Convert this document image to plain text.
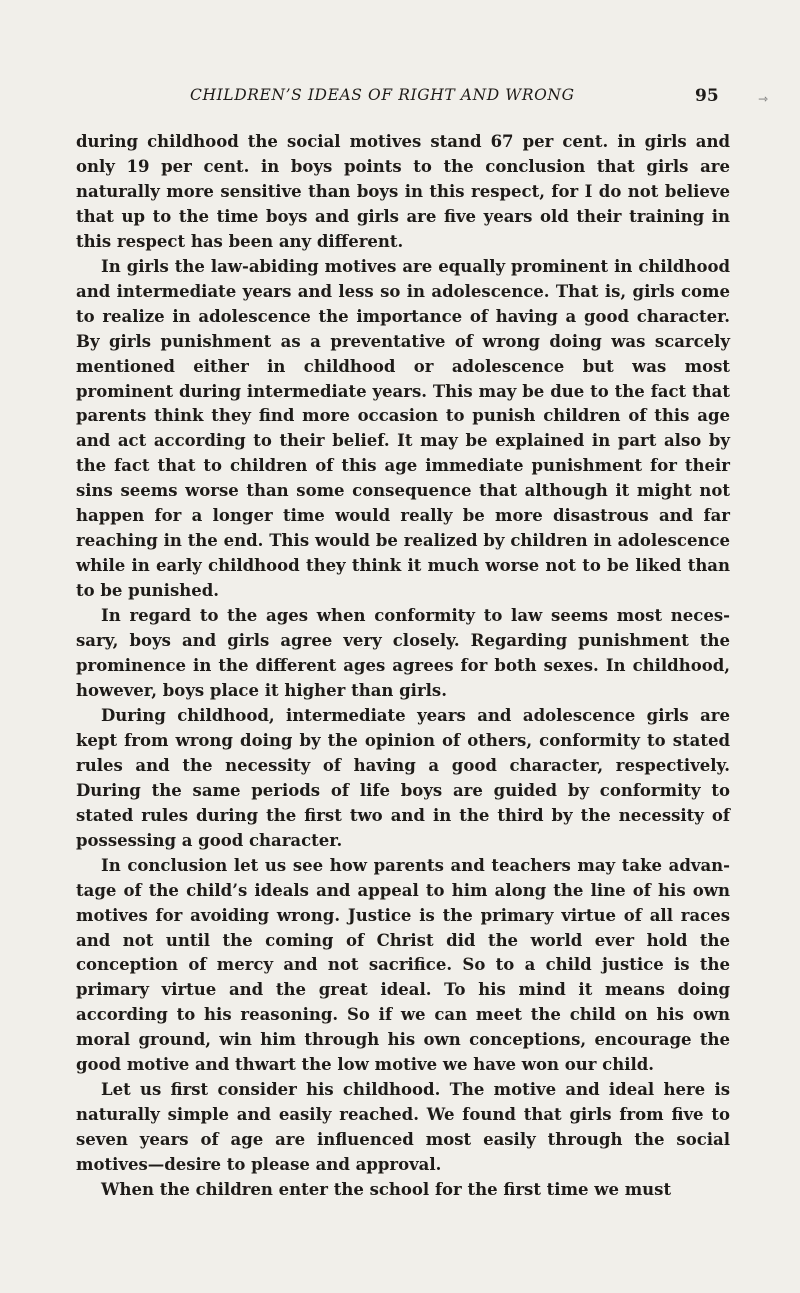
CHILDREN’S IDEAS OF RIGHT AND WRONG	95	⇾

during childhood the social motives stand 67 per cent. in girls and only 19 per cent. in boys points to the conclusion that girls are naturally more sensitive than boys in this respect, for I do not believe that up to the time boys and girls are five years old their training in this respect has been any different.

In girls the law-abiding motives are equally prominent in childhood and intermediate years and less so in adolescence. That is, girls come to realize in adolescence the importance of having a good character. By girls punishment as a preventative of wrong doing was scarcely mentioned either in childhood or adolescence but was most prominent during intermediate years. This may be due to the fact that parents think they find more occasion to punish children of this age and act according to their belief. It may be explained in part also by the fact that to children of this age immediate punishment for their sins seems worse than some consequence that although it might not happen for a longer time would really be more disastrous and far reaching in the end. This would be realized by children in adolescence while in early childhood they think it much worse not to be liked than to be punished.

In regard to the ages when conformity to law seems most necessary, boys and girls agree very closely. Regarding punishment the prominence in the different ages agrees for both sexes. In childhood, however, boys place it higher than girls.

During childhood, intermediate years and adolescence girls are kept from wrong doing by the opinion of others, conformity to stated rules and the necessity of having a good character, respectively. During the same periods of life boys are guided by conformity to stated rules during the first two and in the third by the necessity of possessing a good character.

In conclusion let us see how parents and teachers may take advantage of the child’s ideals and appeal to him along the line of his own motives for avoiding wrong. Justice is the primary virtue of all races and not until the coming of Christ did the world ever hold the conception of mercy and not sacrifice. So to a child justice is the primary virtue and the great ideal. To his mind it means doing according to his reasoning. So if we can meet the child on his own moral ground, win him through his own conceptions, encourage the good motive and thwart the low motive we have won our child.

Let us first consider his childhood. The motive and ideal here is naturally simple and easily reached. We found that girls from five to seven years of age are influenced most easily through the social motives—desire to please and approval.

When the children enter the school for the first time we must
